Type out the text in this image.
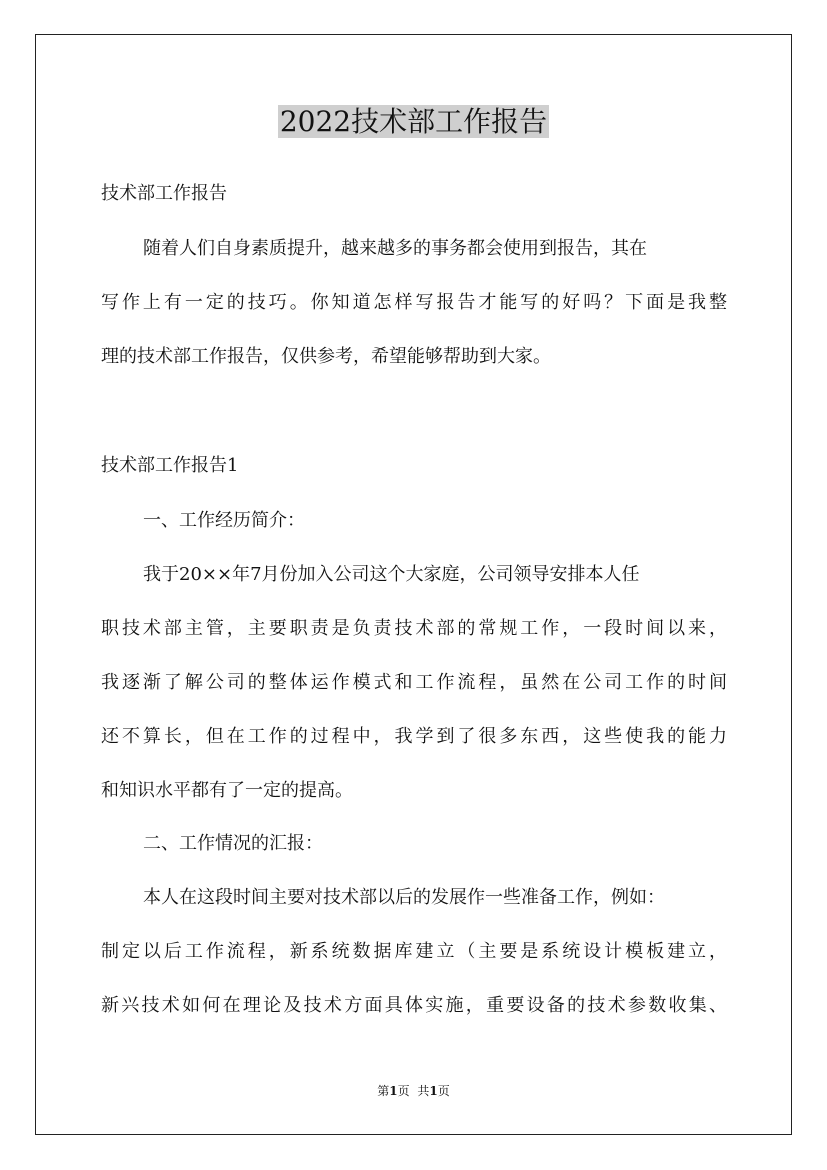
2022技术部工作报告
技术部工作报告
随着人们自身素质提升，越来越多的事务都会使用到报告，其在
写作上有一定的技巧。你知道怎样写报告才能写的好吗？下面是我整
理的技术部工作报告，仅供参考，希望能够帮助到大家。
技术部工作报告1
一、工作经历简介：
我于20××年7月份加入公司这个大家庭，公司领导安排本人任
职技术部主管，主要职责是负责技术部的常规工作，一段时间以来，
我逐渐了解公司的整体运作模式和工作流程，虽然在公司工作的时间
还不算长，但在工作的过程中，我学到了很多东西，这些使我的能力
和知识水平都有了一定的提高。
二、工作情况的汇报：
本人在这段时间主要对技术部以后的发展作一些准备工作，例如：
制定以后工作流程，新系统数据库建立（主要是系统设计模板建立，
新兴技术如何在理论及技术方面具体实施，重要设备的技术参数收集、
第1页 共1页
